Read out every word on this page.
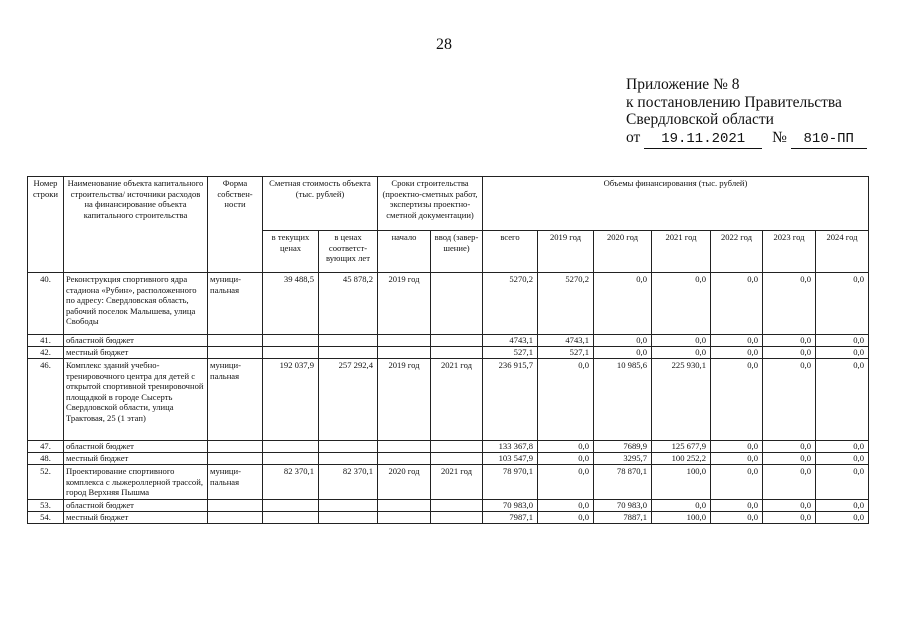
28
Приложение № 8
к постановлению Правительства
Свердловской области
от 19.11.2021 № 810-ПП
Номер строки	Наименование объекта капитального строительства/ источники расходов на финансирование объекта капитального строительства	Форма собствен-ности	Сметная стоимость объекта (тыс. рублей)		Сроки строительства (проектно-сметных работ, экспертизы проектно-сметной документации)		Объемы финансирования (тыс. рублей)						
			в текущих ценах	в ценах соответст-вующих лет	начало	ввод (завер-шение)	всего	2019 год	2020 год	2021 год	2022 год	2023 год	2024 год
40.	Реконструкция спортивного ядра стадиона «Рубин», расположенного по адресу: Свердловская область, рабочий поселок Малышева, улица Свободы	муници-пальная	39 488,5	45 878,2	2019 год		5270,2	5270,2	0,0	0,0	0,0	0,0	0,0
41.	областной бюджет						4743,1	4743,1	0,0	0,0	0,0	0,0	0,0
42.	местный бюджет						527,1	527,1	0,0	0,0	0,0	0,0	0,0
46.	Комплекс зданий учебно-тренировочного центра для детей с открытой спортивной тренировочной площадкой в городе Сысерть Свердловской области, улица Трактовая, 25 (1 этап)	муници-пальная	192 037,9	257 292,4	2019 год	2021 год	236 915,7	0,0	10 985,6	225 930,1	0,0	0,0	0,0
47.	областной бюджет						133 367,8	0,0	7689,9	125 677,9	0,0	0,0	0,0
48.	местный бюджет						103 547,9	0,0	3295,7	100 252,2	0,0	0,0	0,0
52.	Проектирование спортивного комплекса с лыжероллерной трассой, город Верхняя Пышма	муници-пальная	82 370,1	82 370,1	2020 год	2021 год	78 970,1	0,0	78 870,1	100,0	0,0	0,0	0,0
53.	областной бюджет						70 983,0	0,0	70 983,0	0,0	0,0	0,0	0,0
54.	местный бюджет						7987,1	0,0	7887,1	100,0	0,0	0,0	0,0
